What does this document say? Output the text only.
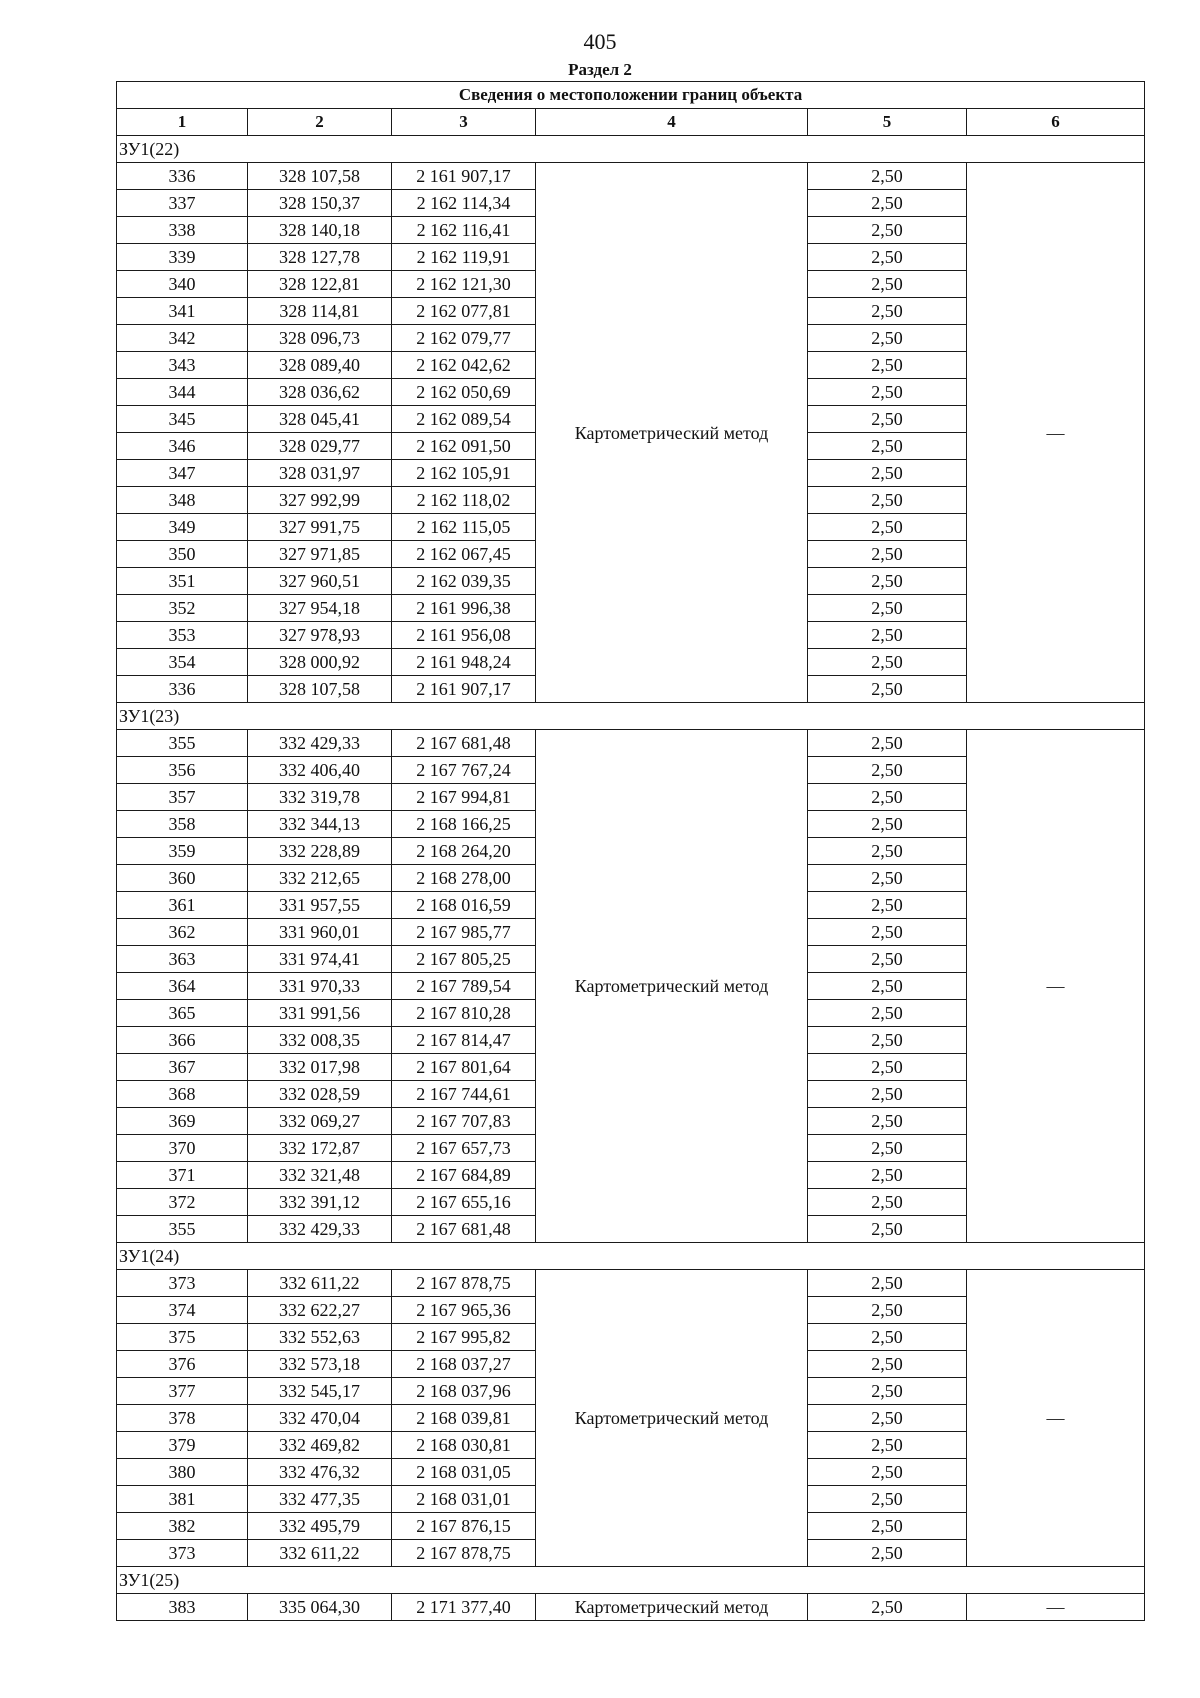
405
Раздел 2
Сведения о местоположении границ объекта					
1	2	3	4	5	6
ЗУ1(22)					
336	328 107,58	2 161 907,17	Картометрический метод	2,50	—
337	328 150,37	2 162 114,34		2,50	
338	328 140,18	2 162 116,41		2,50	
339	328 127,78	2 162 119,91		2,50	
340	328 122,81	2 162 121,30		2,50	
341	328 114,81	2 162 077,81		2,50	
342	328 096,73	2 162 079,77		2,50	
343	328 089,40	2 162 042,62		2,50	
344	328 036,62	2 162 050,69		2,50	
345	328 045,41	2 162 089,54		2,50	
346	328 029,77	2 162 091,50		2,50	
347	328 031,97	2 162 105,91		2,50	
348	327 992,99	2 162 118,02		2,50	
349	327 991,75	2 162 115,05		2,50	
350	327 971,85	2 162 067,45		2,50	
351	327 960,51	2 162 039,35		2,50	
352	327 954,18	2 161 996,38		2,50	
353	327 978,93	2 161 956,08		2,50	
354	328 000,92	2 161 948,24		2,50	
336	328 107,58	2 161 907,17		2,50	
ЗУ1(23)					
355	332 429,33	2 167 681,48	Картометрический метод	2,50	—
356	332 406,40	2 167 767,24		2,50	
357	332 319,78	2 167 994,81		2,50	
358	332 344,13	2 168 166,25		2,50	
359	332 228,89	2 168 264,20		2,50	
360	332 212,65	2 168 278,00		2,50	
361	331 957,55	2 168 016,59		2,50	
362	331 960,01	2 167 985,77		2,50	
363	331 974,41	2 167 805,25		2,50	
364	331 970,33	2 167 789,54		2,50	
365	331 991,56	2 167 810,28		2,50	
366	332 008,35	2 167 814,47		2,50	
367	332 017,98	2 167 801,64		2,50	
368	332 028,59	2 167 744,61		2,50	
369	332 069,27	2 167 707,83		2,50	
370	332 172,87	2 167 657,73		2,50	
371	332 321,48	2 167 684,89		2,50	
372	332 391,12	2 167 655,16		2,50	
355	332 429,33	2 167 681,48		2,50	
ЗУ1(24)					
373	332 611,22	2 167 878,75	Картометрический метод	2,50	—
374	332 622,27	2 167 965,36		2,50	
375	332 552,63	2 167 995,82		2,50	
376	332 573,18	2 168 037,27		2,50	
377	332 545,17	2 168 037,96		2,50	
378	332 470,04	2 168 039,81		2,50	
379	332 469,82	2 168 030,81		2,50	
380	332 476,32	2 168 031,05		2,50	
381	332 477,35	2 168 031,01		2,50	
382	332 495,79	2 167 876,15		2,50	
373	332 611,22	2 167 878,75		2,50	
ЗУ1(25)					
383	335 064,30	2 171 377,40	Картометрический метод	2,50	—
